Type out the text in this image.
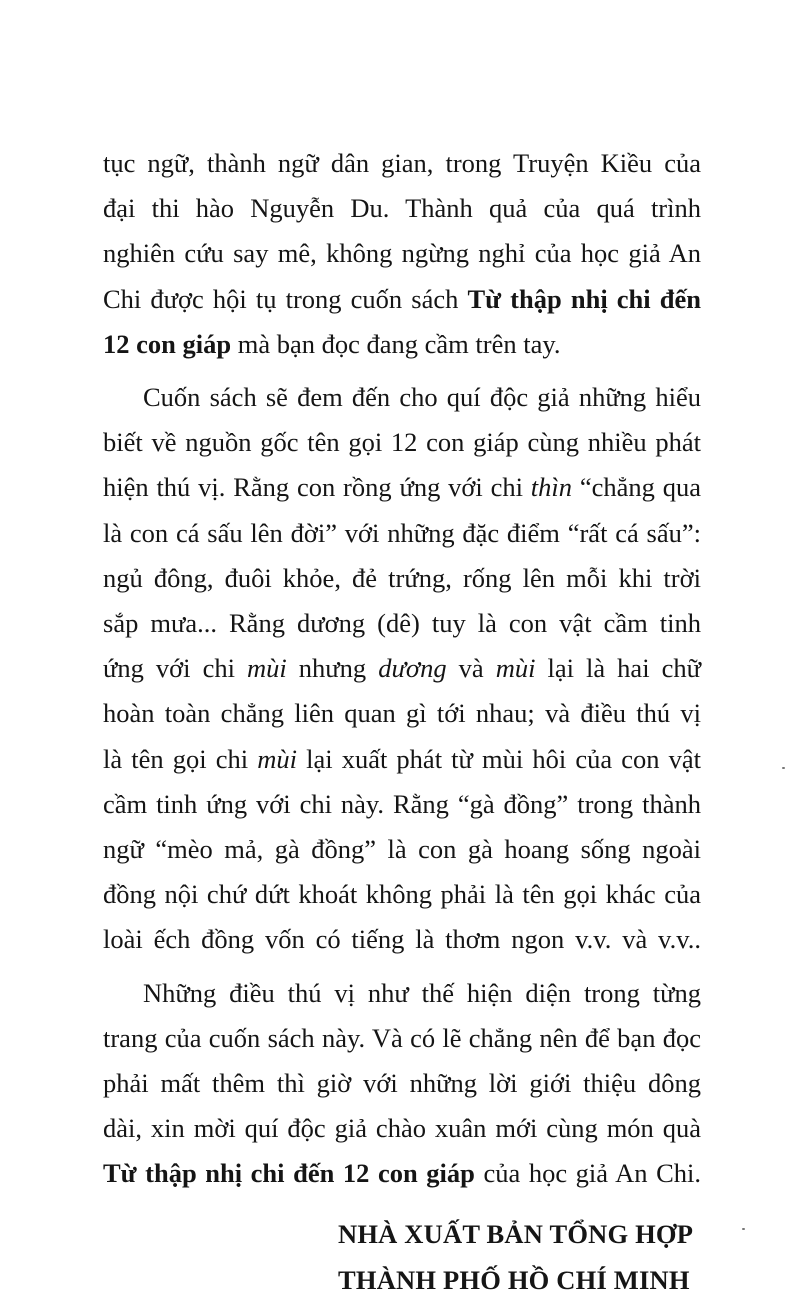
tục ngữ, thành ngữ dân gian, trong Truyện Kiều của
đại thi hào Nguyễn Du. Thành quả của quá trình
nghiên cứu say mê, không ngừng nghỉ của học giả An
Chi được hội tụ trong cuốn sách Từ thập nhị chi đến
12 con giáp mà bạn đọc đang cầm trên tay.
Cuốn sách sẽ đem đến cho quí độc giả những hiểu
biết về nguồn gốc tên gọi 12 con giáp cùng nhiều phát
hiện thú vị. Rằng con rồng ứng với chi thìn “chẳng qua
là con cá sấu lên đời” với những đặc điểm “rất cá sấu”:
ngủ đông, đuôi khỏe, đẻ trứng, rống lên mỗi khi trời
sắp mưa... Rằng dương (dê) tuy là con vật cầm tinh
ứng với chi mùi nhưng dương và mùi lại là hai chữ
hoàn toàn chẳng liên quan gì tới nhau; và điều thú vị
là tên gọi chi mùi lại xuất phát từ mùi hôi của con vật
cầm tinh ứng với chi này. Rằng “gà đồng” trong thành
ngữ “mèo mả, gà đồng” là con gà hoang sống ngoài
đồng nội chứ dứt khoát không phải là tên gọi khác của
loài ếch đồng vốn có tiếng là thơm ngon v.v. và v.v..
Những điều thú vị như thế hiện diện trong từng
trang của cuốn sách này. Và có lẽ chẳng nên để bạn đọc
phải mất thêm thì giờ với những lời giới thiệu dông
dài, xin mời quí độc giả chào xuân mới cùng món quà
Từ thập nhị chi đến 12 con giáp của học giả An Chi.
NHÀ XUẤT BẢN TỔNG HỢP
THÀNH PHỐ HỒ CHÍ MINH
